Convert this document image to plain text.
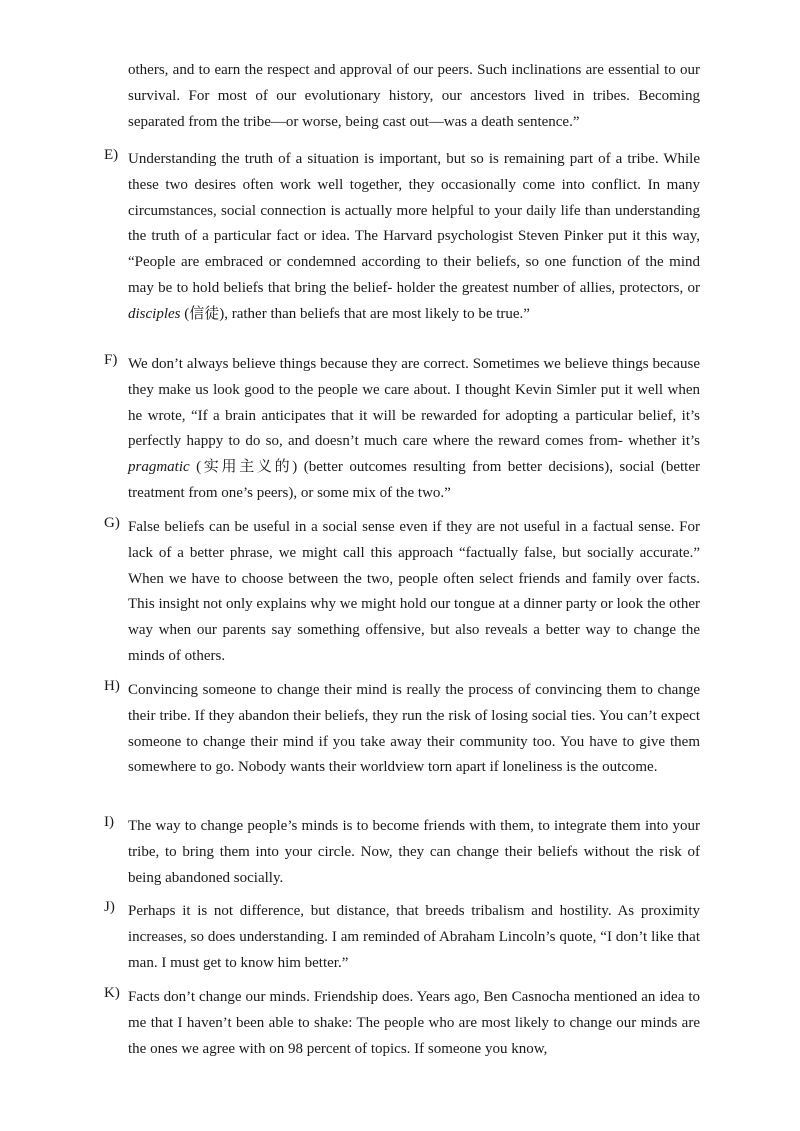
others, and to earn the respect and approval of our peers. Such inclinations are essential to our survival. For most of our evolutionary history, our ancestors lived in tribes. Becoming separated from the tribe—or worse, being cast out—was a death sentence.”

E) Understanding the truth of a situation is important, but so is remaining part of a tribe. While these two desires often work well together, they occasionally come into conflict. In many circumstances, social connection is actually more helpful to your daily life than understanding the truth of a particular fact or idea. The Harvard psychologist Steven Pinker put it this way, “People are embraced or condemned according to their beliefs, so one function of the mind may be to hold beliefs that bring the belief- holder the greatest number of allies, protectors, or disciples (信徒), rather than beliefs that are most likely to be true.”

F) We don’t always believe things because they are correct. Sometimes we believe things because they make us look good to the people we care about. I thought Kevin Simler put it well when he wrote, “If a brain anticipates that it will be rewarded for adopting a particular belief, it’s perfectly happy to do so, and doesn’t much care where the reward comes from- whether it’s pragmatic (实用主义的) (better outcomes resulting from better decisions), social (better treatment from one’s peers), or some mix of the two.”

G) False beliefs can be useful in a social sense even if they are not useful in a factual sense. For lack of a better phrase, we might call this approach “factually false, but socially accurate.” When we have to choose between the two, people often select friends and family over facts. This insight not only explains why we might hold our tongue at a dinner party or look the other way when our parents say something offensive, but also reveals a better way to change the minds of others.

H) Convincing someone to change their mind is really the process of convincing them to change their tribe. If they abandon their beliefs, they run the risk of losing social ties. You can’t expect someone to change their mind if you take away their community too. You have to give them somewhere to go. Nobody wants their worldview torn apart if loneliness is the outcome.

I) The way to change people’s minds is to become friends with them, to integrate them into your tribe, to bring them into your circle. Now, they can change their beliefs without the risk of being abandoned socially.

J) Perhaps it is not difference, but distance, that breeds tribalism and hostility. As proximity increases, so does understanding. I am reminded of Abraham Lincoln’s quote, “I don’t like that man. I must get to know him better.”

K) Facts don’t change our minds. Friendship does. Years ago, Ben Casnocha mentioned an idea to me that I haven’t been able to shake: The people who are most likely to change our minds are the ones we agree with on 98 percent of topics. If someone you know,
